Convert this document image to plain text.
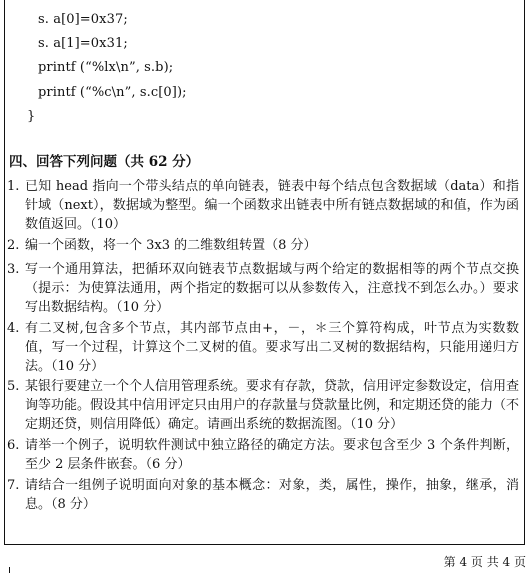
s. a[0]=0x37;
s. a[1]=0x31;
printf (“%lx\n”, s.b);
printf (“%c\n”, s.c[0]);
}
四、回答下列问题（共 62 分）
1. 已知 head 指向一个带头结点的单向链表，链表中每个结点包含数据域（data）和指针域（next），数据域为整型。编一个函数求出链表中所有链点数据域的和值，作为函数值返回。（10）
2. 编一个函数，将一个 3x3 的二维数组转置（8 分）
3. 写一个通用算法，把循环双向链表节点数据域与两个给定的数据相等的两个节点交换（提示：为使算法通用，两个指定的数据可以从参数传入，注意找不到怎么办。）要求写出数据结构。（10 分）
4. 有二叉树,包含多个节点，其内部节点由+，－，＊三个算符构成，叶节点为实数数值，写一个过程，计算这个二叉树的值。要求写出二叉树的数据结构，只能用递归方法。（10 分）
5. 某银行要建立一个个人信用管理系统。要求有存款，贷款，信用评定参数设定，信用查询等功能。假设其中信用评定只由用户的存款量与贷款量比例，和定期还贷的能力（不定期还贷，则信用降低）确定。请画出系统的数据流图。（10 分）
6. 请举一个例子，说明软件测试中独立路径的确定方法。要求包含至少 3 个条件判断，至少 2 层条件嵌套。（6 分）
7. 请结合一组例子说明面向对象的基本概念：对象，类，属性，操作，抽象，继承，消息。（8 分）
第 4 页 共 4 页
